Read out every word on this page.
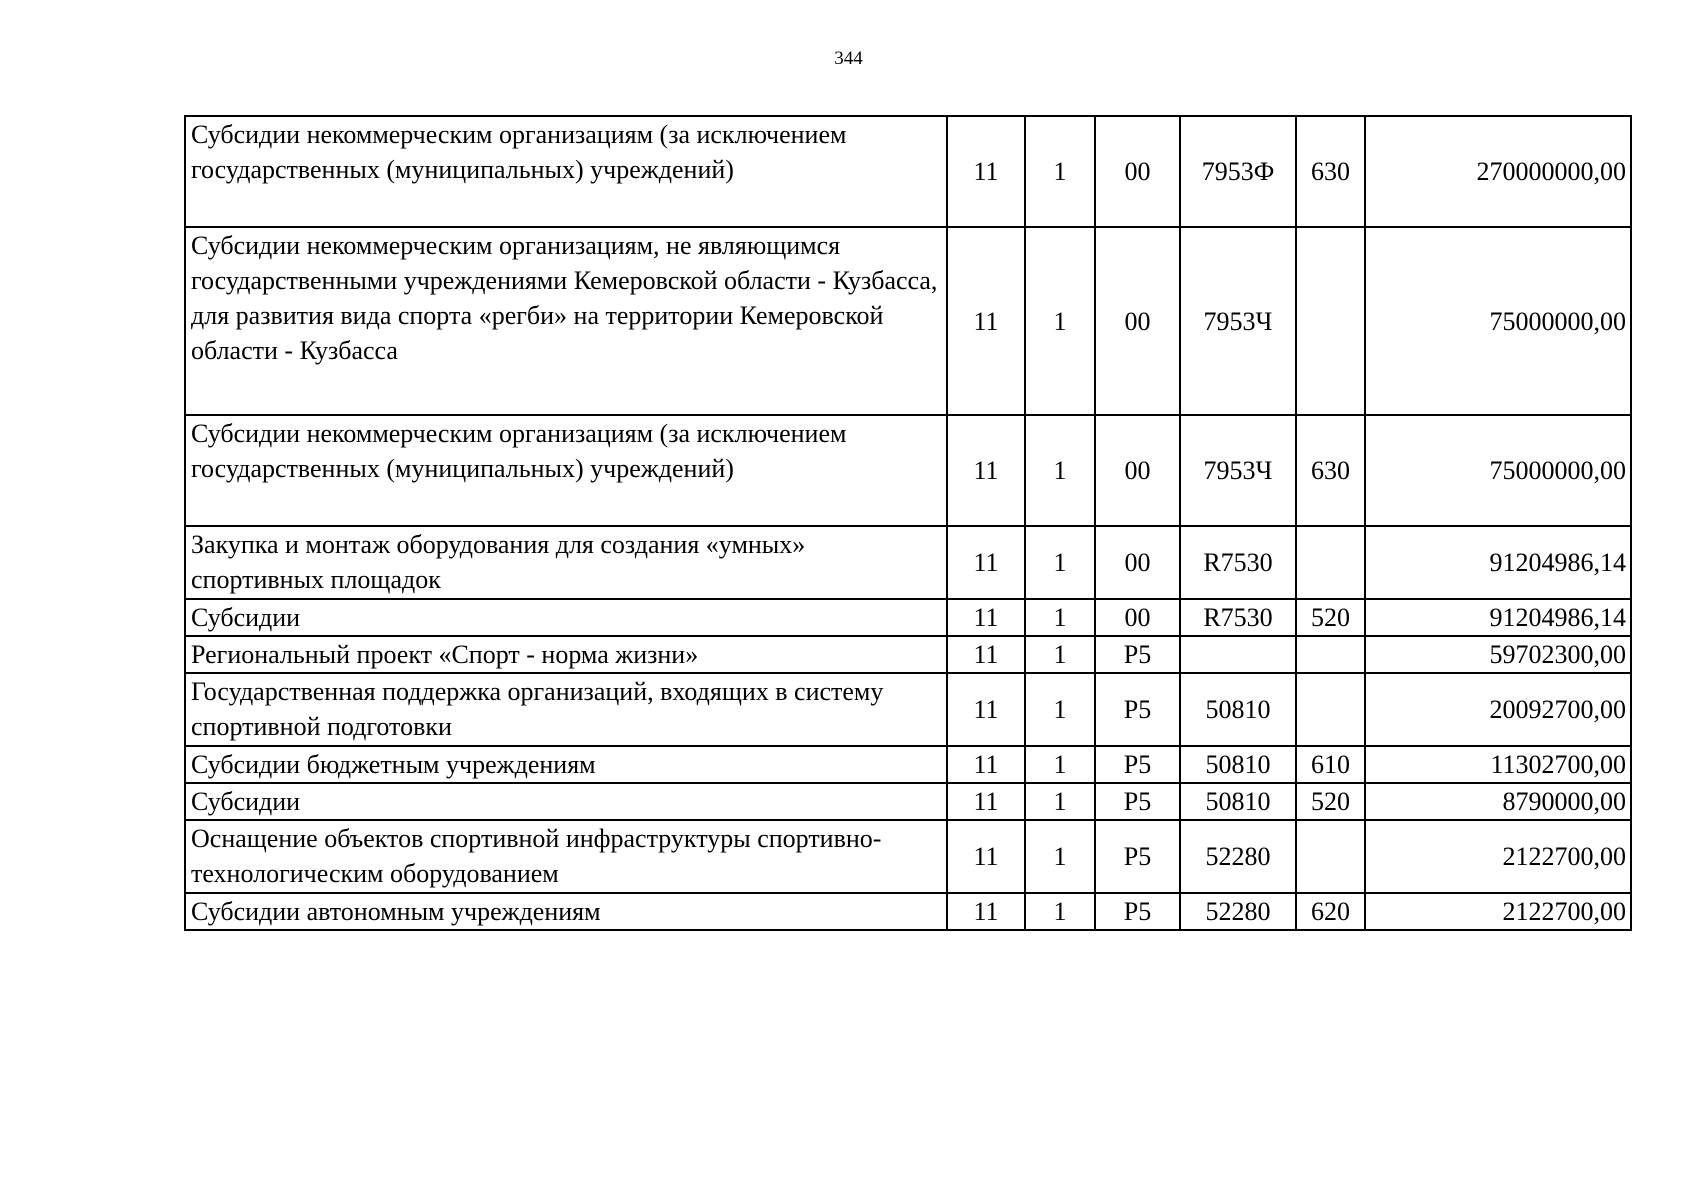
344
Субсидии некоммерческим организациям (за исключением государственных (муниципальных) учреждений)	11	1	00	7953Ф	630	270000000,00
Субсидии некоммерческим организациям, не являющимся государственными учреждениями Кемеровской области - Кузбасса, для развития вида спорта «регби» на территории Кемеровской области - Кузбасса	11	1	00	7953Ч		75000000,00
Субсидии некоммерческим организациям (за исключением государственных (муниципальных) учреждений)	11	1	00	7953Ч	630	75000000,00
Закупка и монтаж оборудования для создания «умных» спортивных площадок	11	1	00	R7530		91204986,14
Субсидии	11	1	00	R7530	520	91204986,14
Региональный проект «Спорт - норма жизни»	11	1	P5			59702300,00
Государственная поддержка организаций, входящих в систему спортивной подготовки	11	1	P5	50810		20092700,00
Субсидии бюджетным учреждениям	11	1	P5	50810	610	11302700,00
Субсидии	11	1	P5	50810	520	8790000,00
Оснащение объектов спортивной инфраструктуры спортивно-технологическим оборудованием	11	1	P5	52280		2122700,00
Субсидии автономным учреждениям	11	1	P5	52280	620	2122700,00
